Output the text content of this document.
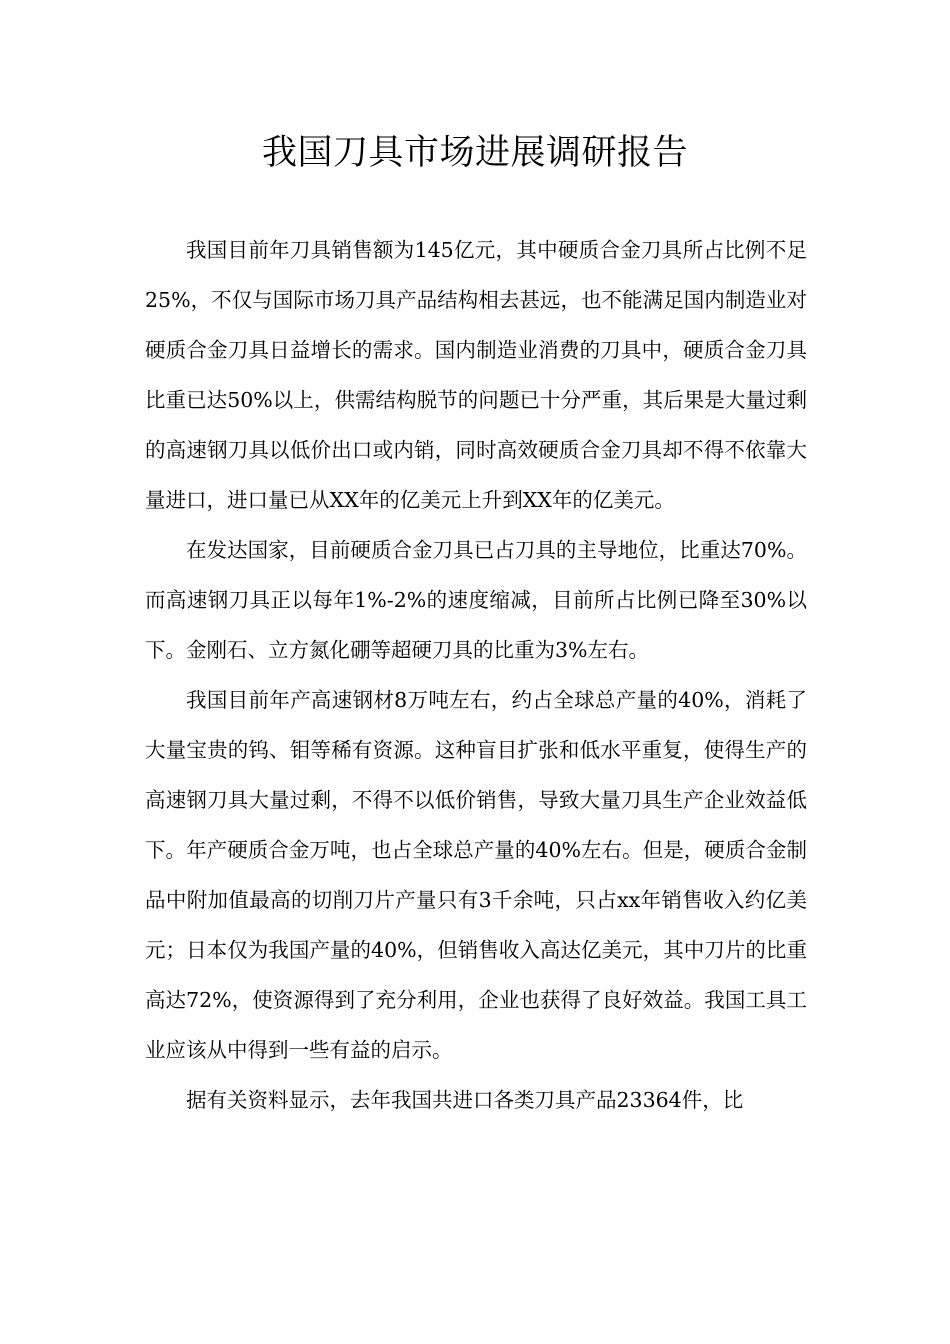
我国刀具市场进展调研报告

我国目前年刀具销售额为145亿元，其中硬质合金刀具所占比例不足25%，不仅与国际市场刀具产品结构相去甚远，也不能满足国内制造业对硬质合金刀具日益增长的需求。国内制造业消费的刀具中，硬质合金刀具比重已达50%以上，供需结构脱节的问题已十分严重，其后果是大量过剩的高速钢刀具以低价出口或内销，同时高效硬质合金刀具却不得不依靠大量进口，进口量已从XX年的亿美元上升到XX年的亿美元。

在发达国家，目前硬质合金刀具已占刀具的主导地位，比重达70%。而高速钢刀具正以每年1%-2%的速度缩减，目前所占比例已降至30%以下。金刚石、立方氮化硼等超硬刀具的比重为3%左右。

我国目前年产高速钢材8万吨左右，约占全球总产量的40%，消耗了大量宝贵的钨、钼等稀有资源。这种盲目扩张和低水平重复，使得生产的高速钢刀具大量过剩，不得不以低价销售，导致大量刀具生产企业效益低下。年产硬质合金万吨，也占全球总产量的40%左右。但是，硬质合金制品中附加值最高的切削刀片产量只有3千余吨，只占xx年销售收入约亿美元；日本仅为我国产量的40%，但销售收入高达亿美元，其中刀片的比重高达72%，使资源得到了充分利用，企业也获得了良好效益。我国工具工业应该从中得到一些有益的启示。

据有关资料显示，去年我国共进口各类刀具产品23364件，比
